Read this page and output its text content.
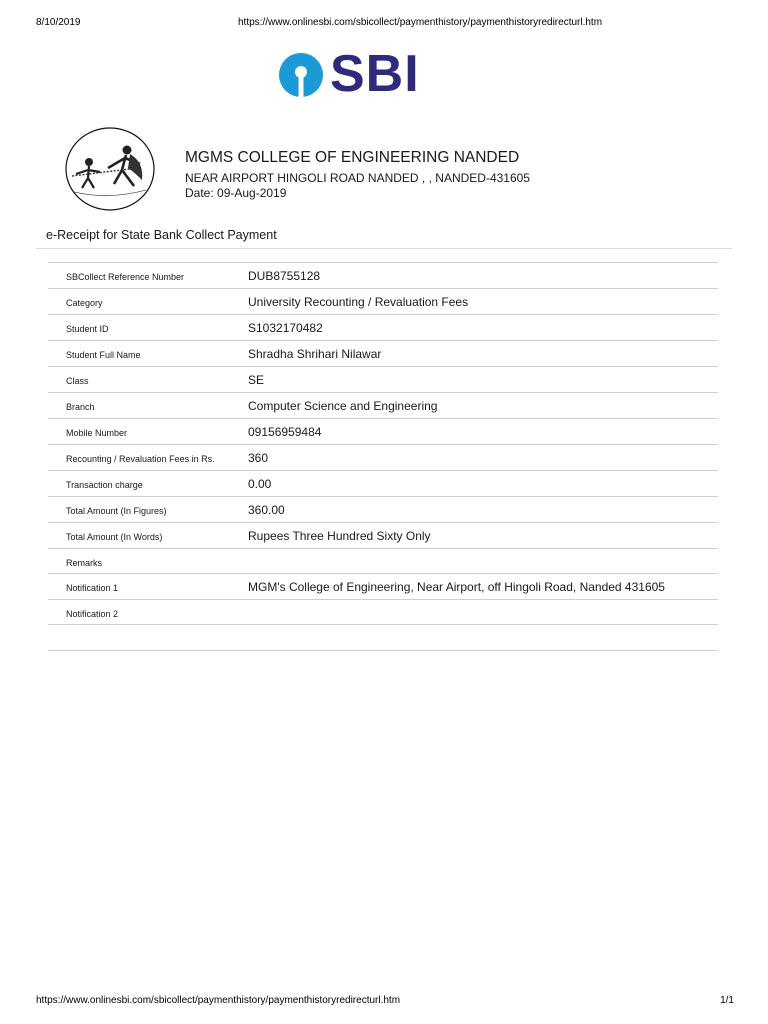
8/10/2019	https://www.onlinesbi.com/sbicollect/paymenthistory/paymenthistoryredirecturl.htm
SBI
MGMS COLLEGE OF ENGINEERING NANDED
NEAR AIRPORT HINGOLI ROAD NANDED , , NANDED-431605
Date: 09-Aug-2019
e-Receipt for State Bank Collect Payment
SBCollect Reference Number	DUB8755128
Category	University Recounting / Revaluation Fees
Student ID	S1032170482
Student Full Name	Shradha Shrihari Nilawar
Class	SE
Branch	Computer Science and Engineering
Mobile Number	09156959484
Recounting / Revaluation Fees in Rs.	360
Transaction charge	0.00
Total Amount (In Figures)	360.00
Total Amount (In Words)	Rupees Three Hundred Sixty Only
Remarks	
Notification 1	MGM's College of Engineering, Near Airport, off Hingoli Road, Nanded 431605
Notification 2	

https://www.onlinesbi.com/sbicollect/paymenthistory/paymenthistoryredirecturl.htm	1/1
